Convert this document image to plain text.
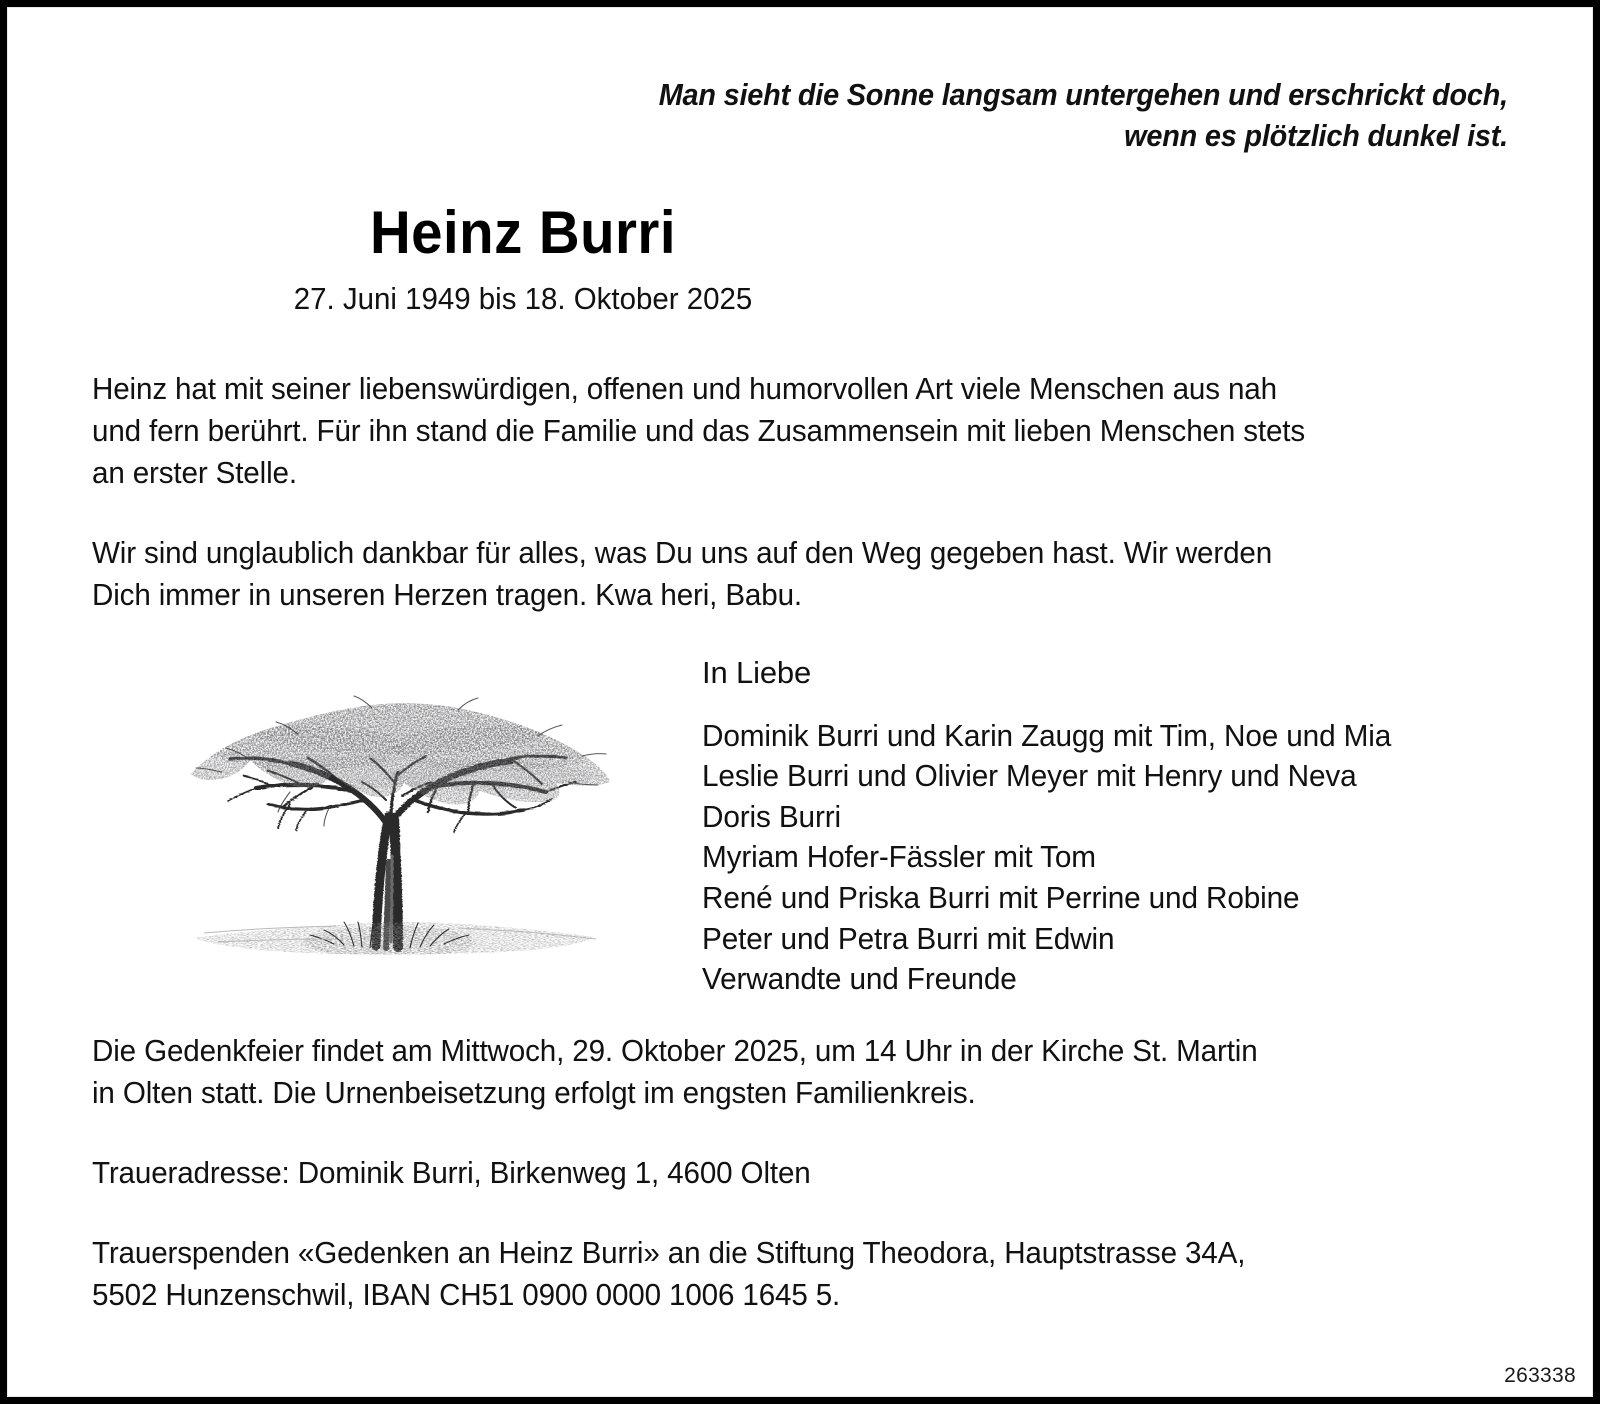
Man sieht die Sonne langsam untergehen und erschrickt doch,
wenn es plötzlich dunkel ist.
Heinz Burri
27. Juni 1949 bis 18. Oktober 2025

Heinz hat mit seiner liebenswürdigen, offenen und humorvollen Art viele Menschen aus nah
und fern berührt. Für ihn stand die Familie und das Zusammensein mit lieben Menschen stets
an erster Stelle.

Wir sind unglaublich dankbar für alles, was Du uns auf den Weg gegeben hast. Wir werden
Dich immer in unseren Herzen tragen. Kwa heri, Babu.

In Liebe
Dominik Burri und Karin Zaugg mit Tim, Noe und Mia
Leslie Burri und Olivier Meyer mit Henry und Neva
Doris Burri
Myriam Hofer-Fässler mit Tom
René und Priska Burri mit Perrine und Robine
Peter und Petra Burri mit Edwin
Verwandte und Freunde
Die Gedenkfeier findet am Mittwoch, 29. Oktober 2025, um 14 Uhr in der Kirche St. Martin
in Olten statt. Die Urnenbeisetzung erfolgt im engsten Familienkreis.
Traueradresse: Dominik Burri, Birkenweg 1, 4600 Olten
Trauerspenden «Gedenken an Heinz Burri» an die Stiftung Theodora, Hauptstrasse 34A,
5502 Hunzenschwil, IBAN CH51 0900 0000 1006 1645 5.
263338
